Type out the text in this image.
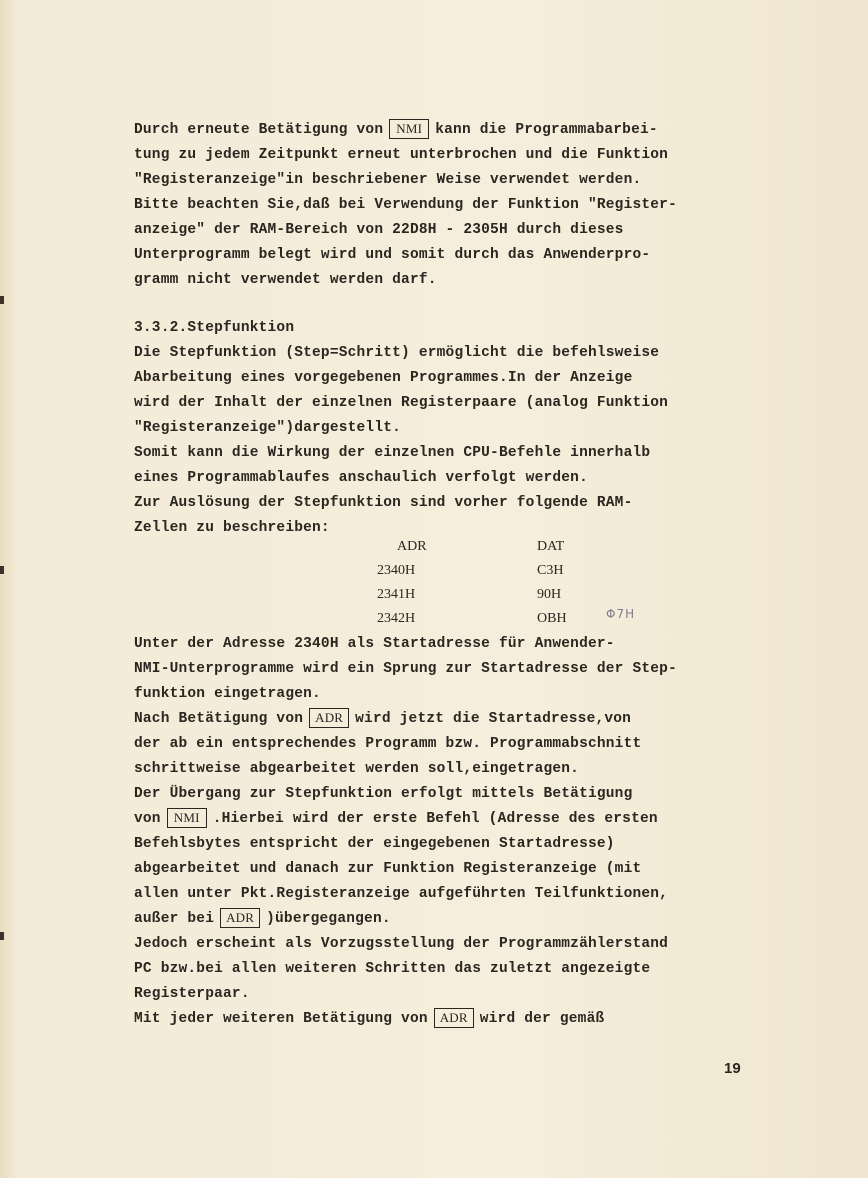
Durch erneute Betätigung von NMI kann die Programmabarbei-
tung zu jedem Zeitpunkt erneut unterbrochen und die Funktion
"Registeranzeige"in beschriebener Weise verwendet werden.
Bitte beachten Sie,daß bei Verwendung der Funktion "Register-
anzeige" der RAM-Bereich von 22D8H - 2305H durch dieses
Unterprogramm belegt wird und somit durch das Anwenderpro-
gramm nicht verwendet werden darf.
3.3.2.Stepfunktion
Die Stepfunktion (Step=Schritt) ermöglicht die befehlsweise
Abarbeitung eines vorgegebenen Programmes.In der Anzeige
wird der Inhalt der einzelnen Registerpaare (analog Funktion
"Registeranzeige")dargestellt.
Somit kann die Wirkung der einzelnen CPU-Befehle innerhalb
eines Programmablaufes anschaulich verfolgt werden.
Zur Auslösung der Stepfunktion sind vorher folgende RAM-
Zellen zu beschreiben:
ADR	DAT
2340H	C3H
2341H	90H
2342H	OBH	Φ7H
Unter der Adresse 2340H als Startadresse für Anwender-
NMI-Unterprogramme wird ein Sprung zur Startadresse der Step-
funktion eingetragen.
Nach Betätigung von ADR wird jetzt die Startadresse,von
der ab ein entsprechendes Programm bzw. Programmabschnitt
schrittweise abgearbeitet werden soll,eingetragen.
Der Übergang zur Stepfunktion erfolgt mittels Betätigung
von NMI .Hierbei wird der erste Befehl (Adresse des ersten
Befehlsbytes entspricht der eingegebenen Startadresse)
abgearbeitet und danach zur Funktion Registeranzeige (mit
allen unter Pkt.Registeranzeige aufgeführten Teilfunktionen,
außer bei ADR )übergegangen.
Jedoch erscheint als Vorzugsstellung der Programmzählerstand
PC bzw.bei allen weiteren Schritten das zuletzt angezeigte
Registerpaar.
Mit jeder weiteren Betätigung von ADR wird der gemäß
19
